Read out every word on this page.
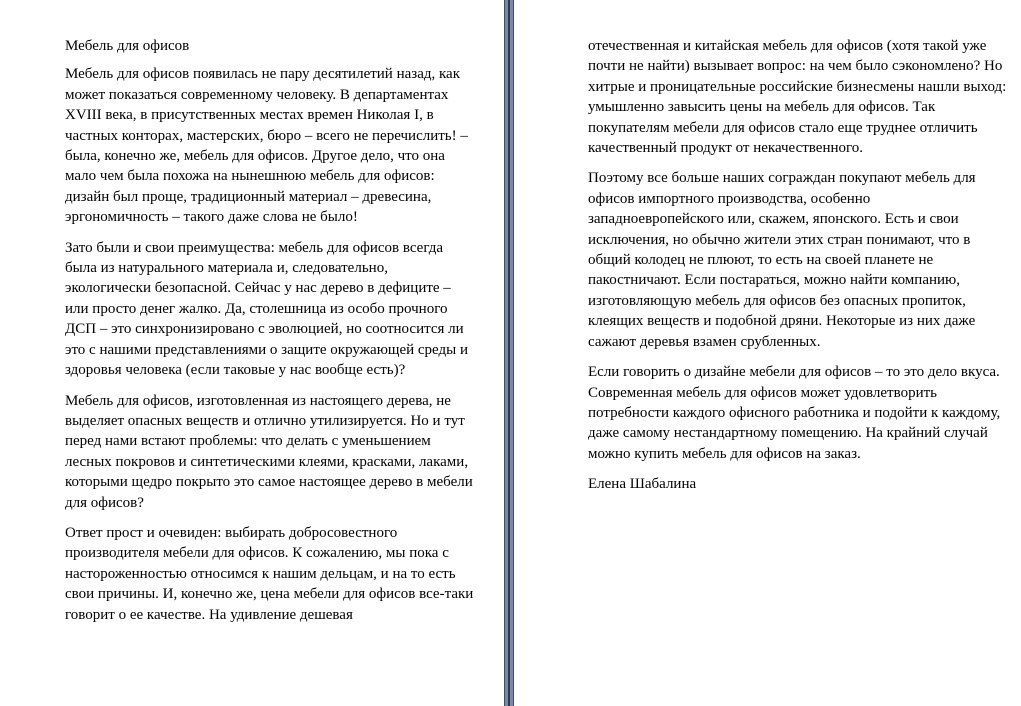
Мебель для офисов

Мебель для офисов появилась не пару десятилетий назад, как может показаться современному человеку. В департаментах XVIII века, в присутственных местах времен Николая I, в частных конторах, мастерских, бюро – всего не перечислить! – была, конечно же, мебель для офисов. Другое дело, что она мало чем была похожа на нынешнюю мебель для офисов: дизайн был проще, традиционный материал – древесина, эргономичность – такого даже слова не было!

Зато были и свои преимущества: мебель для офисов всегда была из натурального материала и, следовательно, экологически безопасной. Сейчас у нас дерево в дефиците – или просто денег жалко. Да, столешница из особо прочного ДСП – это синхронизировано с эволюцией, но соотносится ли это с нашими представлениями о защите окружающей среды и здоровья человека (если таковые у нас вообще есть)?

Мебель для офисов, изготовленная из настоящего дерева, не выделяет опасных веществ и отлично утилизируется. Но и тут перед нами встают проблемы: что делать с уменьшением лесных покровов и синтетическими клеями, красками, лаками, которыми щедро покрыто это самое настоящее дерево в мебели для офисов?

Ответ прост и очевиден: выбирать добросовестного производителя мебели для офисов. К сожалению, мы пока с настороженностью относимся к нашим дельцам, и на то есть свои причины. И, конечно же, цена мебели для офисов все-таки говорит о ее качестве. На удивление дешевая

отечественная и китайская мебель для офисов (хотя такой уже почти не найти) вызывает вопрос: на чем было сэкономлено? Но хитрые и проницательные российские бизнесмены нашли выход: умышленно завысить цены на мебель для офисов. Так покупателям мебели для офисов стало еще труднее отличить качественный продукт от некачественного.

Поэтому все больше наших сограждан покупают мебель для офисов импортного производства, особенно западноевропейского или, скажем, японского. Есть и свои исключения, но обычно жители этих стран понимают, что в общий колодец не плюют, то есть на своей планете не пакостничают. Если постараться, можно найти компанию, изготовляющую мебель для офисов без опасных пропиток, клеящих веществ и подобной дряни. Некоторые из них даже сажают деревья взамен срубленных.

Если говорить о дизайне мебели для офисов – то это дело вкуса. Современная мебель для офисов может удовлетворить потребности каждого офисного работника и подойти к каждому, даже самому нестандартному помещению. На крайний случай можно купить мебель для офисов на заказ.

Елена Шабалина
